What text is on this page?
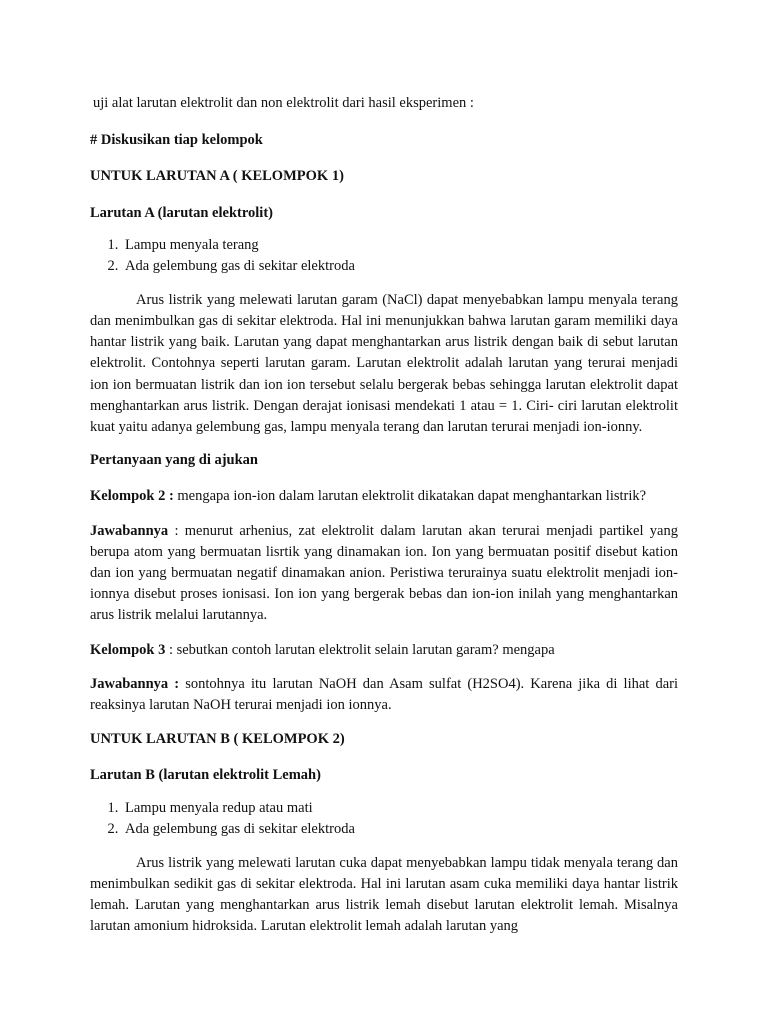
uji alat larutan elektrolit dan non elektrolit dari hasil eksperimen :

# Diskusikan tiap kelompok

UNTUK LARUTAN A ( KELOMPOK 1)

Larutan A (larutan elektrolit)

1. Lampu menyala terang
2. Ada gelembung gas di sekitar elektroda

Arus listrik yang melewati larutan garam (NaCl) dapat menyebabkan lampu menyala terang dan menimbulkan gas di sekitar elektroda. Hal ini menunjukkan bahwa larutan garam memiliki daya hantar listrik yang baik. Larutan yang dapat menghantarkan arus listrik dengan baik di sebut larutan elektrolit. Contohnya seperti larutan garam. Larutan elektrolit adalah larutan yang terurai menjadi ion ion bermuatan listrik dan ion ion tersebut selalu bergerak bebas sehingga larutan elektrolit dapat menghantarkan arus listrik. Dengan derajat ionisasi mendekati 1 atau = 1. Ciri- ciri larutan elektrolit kuat yaitu adanya gelembung gas, lampu menyala terang dan larutan terurai menjadi ion-ionny.

Pertanyaan yang di ajukan

Kelompok 2 : mengapa ion-ion dalam larutan elektrolit dikatakan dapat menghantarkan listrik?

Jawabannya : menurut arhenius, zat elektrolit dalam larutan akan terurai menjadi partikel yang berupa atom yang bermuatan lisrtik yang dinamakan ion. Ion yang bermuatan positif disebut kation dan ion yang bermuatan negatif dinamakan anion. Peristiwa terurainya suatu elektrolit menjadi ion-ionnya disebut proses ionisasi. Ion ion yang bergerak bebas dan ion-ion inilah yang menghantarkan arus listrik melalui larutannya.

Kelompok 3 : sebutkan contoh larutan elektrolit selain larutan garam? mengapa

Jawabannya : sontohnya itu larutan NaOH dan Asam sulfat (H2SO4). Karena jika di lihat dari reaksinya larutan NaOH terurai menjadi ion ionnya.

UNTUK LARUTAN B ( KELOMPOK 2)

Larutan B (larutan elektrolit Lemah)

1. Lampu menyala redup atau mati
2. Ada gelembung gas di sekitar elektroda

Arus listrik yang melewati larutan cuka dapat menyebabkan lampu tidak menyala terang dan menimbulkan sedikit gas di sekitar elektroda. Hal ini larutan asam cuka memiliki daya hantar listrik lemah. Larutan yang menghantarkan arus listrik lemah disebut larutan elektrolit lemah. Misalnya larutan amonium hidroksida. Larutan elektrolit lemah adalah larutan yang
